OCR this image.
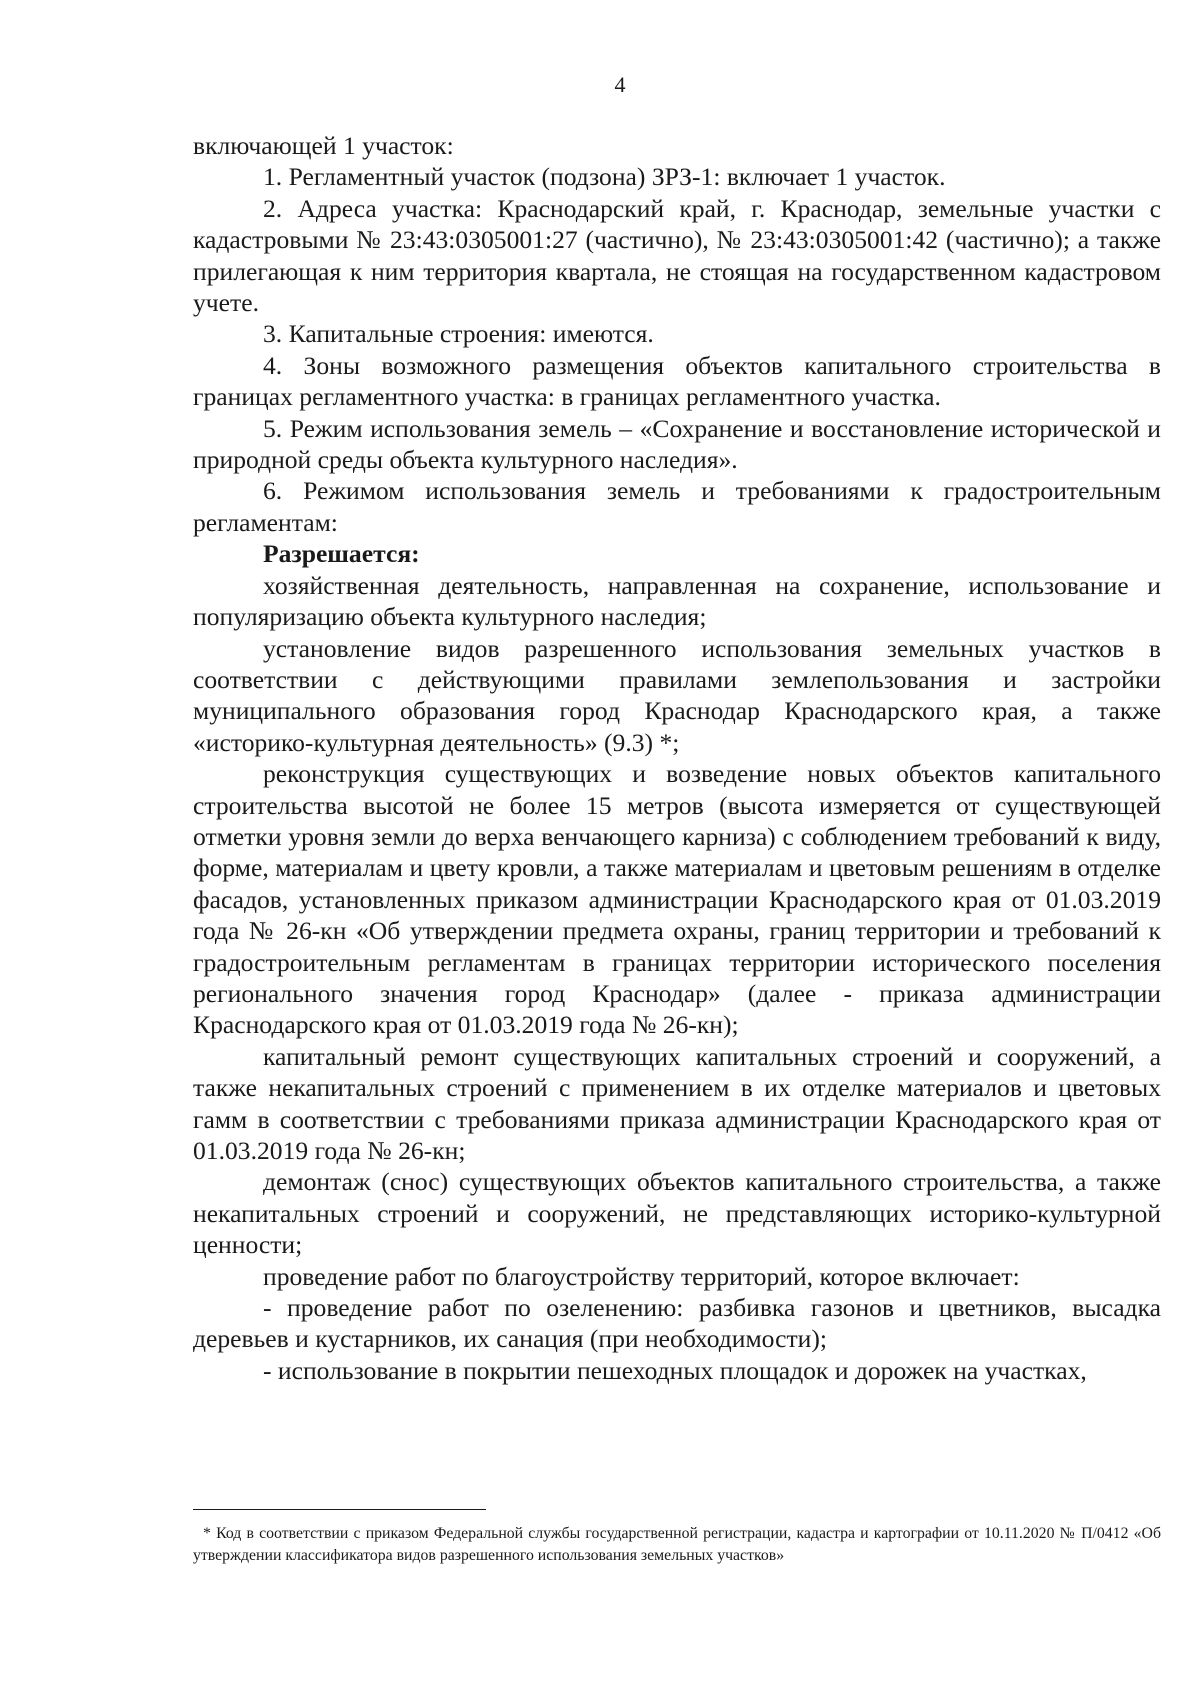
4

включающей 1 участок:

1. Регламентный участок (подзона) ЗРЗ-1: включает 1 участок.

2. Адреса участка: Краснодарский край, г. Краснодар, земельные участки с кадастровыми № 23:43:0305001:27 (частично), № 23:43:0305001:42 (частично); а также прилегающая к ним территория квартала, не стоящая на государственном кадастровом учете.

3. Капитальные строения: имеются.

4. Зоны возможного размещения объектов капитального строительства в границах регламентного участка: в границах регламентного участка.

5. Режим использования земель – «Сохранение и восстановление исторической и природной среды объекта культурного наследия».

6. Режимом использования земель и требованиями к градостроительным регламентам:

Разрешается:

хозяйственная деятельность, направленная на сохранение, использование и популяризацию объекта культурного наследия;

установление видов разрешенного использования земельных участков в соответствии с действующими правилами землепользования и застройки муниципального образования город Краснодар Краснодарского края, а также «историко-культурная деятельность» (9.3) *;

реконструкция существующих и возведение новых объектов капитального строительства высотой не более 15 метров (высота измеряется от существующей отметки уровня земли до верха венчающего карниза) с соблюдением требований к виду, форме, материалам и цвету кровли, а также материалам и цветовым решениям в отделке фасадов, установленных приказом администрации Краснодарского края от 01.03.2019 года № 26-кн «Об утверждении предмета охраны, границ территории и требований к градостроительным регламентам в границах территории исторического поселения регионального значения город Краснодар» (далее - приказа администрации Краснодарского края от 01.03.2019 года № 26-кн);

капитальный ремонт существующих капитальных строений и сооружений, а также некапитальных строений с применением в их отделке материалов и цветовых гамм в соответствии с требованиями приказа администрации Краснодарского края от 01.03.2019 года № 26-кн;

демонтаж (снос) существующих объектов капитального строительства, а также некапитальных строений и сооружений, не представляющих историко-культурной ценности;

проведение работ по благоустройству территорий, которое включает:

- проведение работ по озеленению: разбивка газонов и цветников, высадка деревьев и кустарников, их санация (при необходимости);

- использование в покрытии пешеходных площадок и дорожек на участках,

* Код в соответствии с приказом Федеральной службы государственной регистрации, кадастра и картографии от 10.11.2020 № П/0412 «Об утверждении классификатора видов разрешенного использования земельных участков»
